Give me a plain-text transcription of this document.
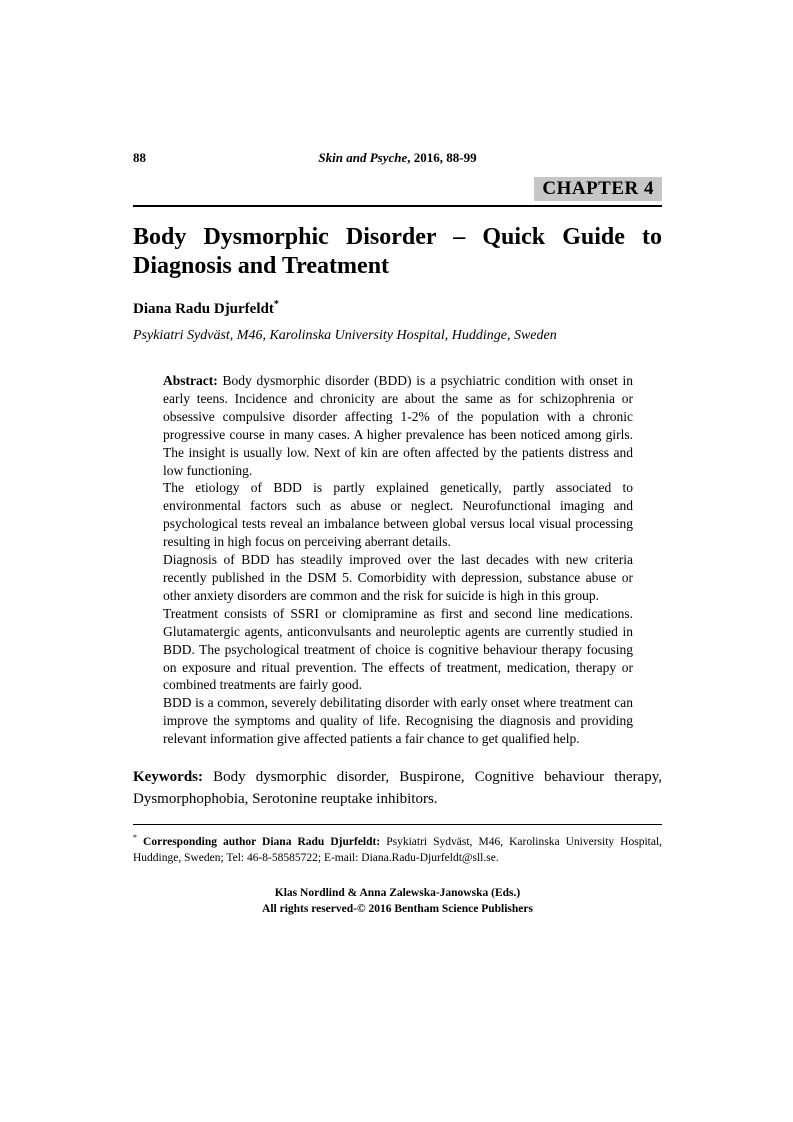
88	Skin and Psyche, 2016, 88-99
CHAPTER 4
Body Dysmorphic Disorder – Quick Guide to
Diagnosis and Treatment
Diana Radu Djurfeldt*
Psykiatri Sydväst, M46, Karolinska University Hospital, Huddinge, Sweden

Abstract: Body dysmorphic disorder (BDD) is a psychiatric condition with onset in early teens. Incidence and chronicity are about the same as for schizophrenia or obsessive compulsive disorder affecting 1-2% of the population with a chronic progressive course in many cases. A higher prevalence has been noticed among girls. The insight is usually low. Next of kin are often affected by the patients distress and low functioning.

The etiology of BDD is partly explained genetically, partly associated to environmental factors such as abuse or neglect. Neurofunctional imaging and psychological tests reveal an imbalance between global versus local visual processing resulting in high focus on perceiving aberrant details.

Diagnosis of BDD has steadily improved over the last decades with new criteria recently published in the DSM 5. Comorbidity with depression, substance abuse or other anxiety disorders are common and the risk for suicide is high in this group.

Treatment consists of SSRI or clomipramine as first and second line medications. Glutamatergic agents, anticonvulsants and neuroleptic agents are currently studied in BDD. The psychological treatment of choice is cognitive behaviour therapy focusing on exposure and ritual prevention. The effects of treatment, medication, therapy or combined treatments are fairly good.

BDD is a common, severely debilitating disorder with early onset where treatment can improve the symptoms and quality of life. Recognising the diagnosis and providing relevant information give affected patients a fair chance to get qualified help.

Keywords: Body dysmorphic disorder, Buspirone, Cognitive behaviour therapy, Dysmorphophobia, Serotonine reuptake inhibitors.
* Corresponding author Diana Radu Djurfeldt: Psykiatri Sydväst, M46, Karolinska University Hospital, Huddinge, Sweden; Tel: 46-8-58585722; E-mail: Diana.Radu-Djurfeldt@sll.se.
Klas Nordlind & Anna Zalewska-Janowska (Eds.)
All rights reserved-© 2016 Bentham Science Publishers
